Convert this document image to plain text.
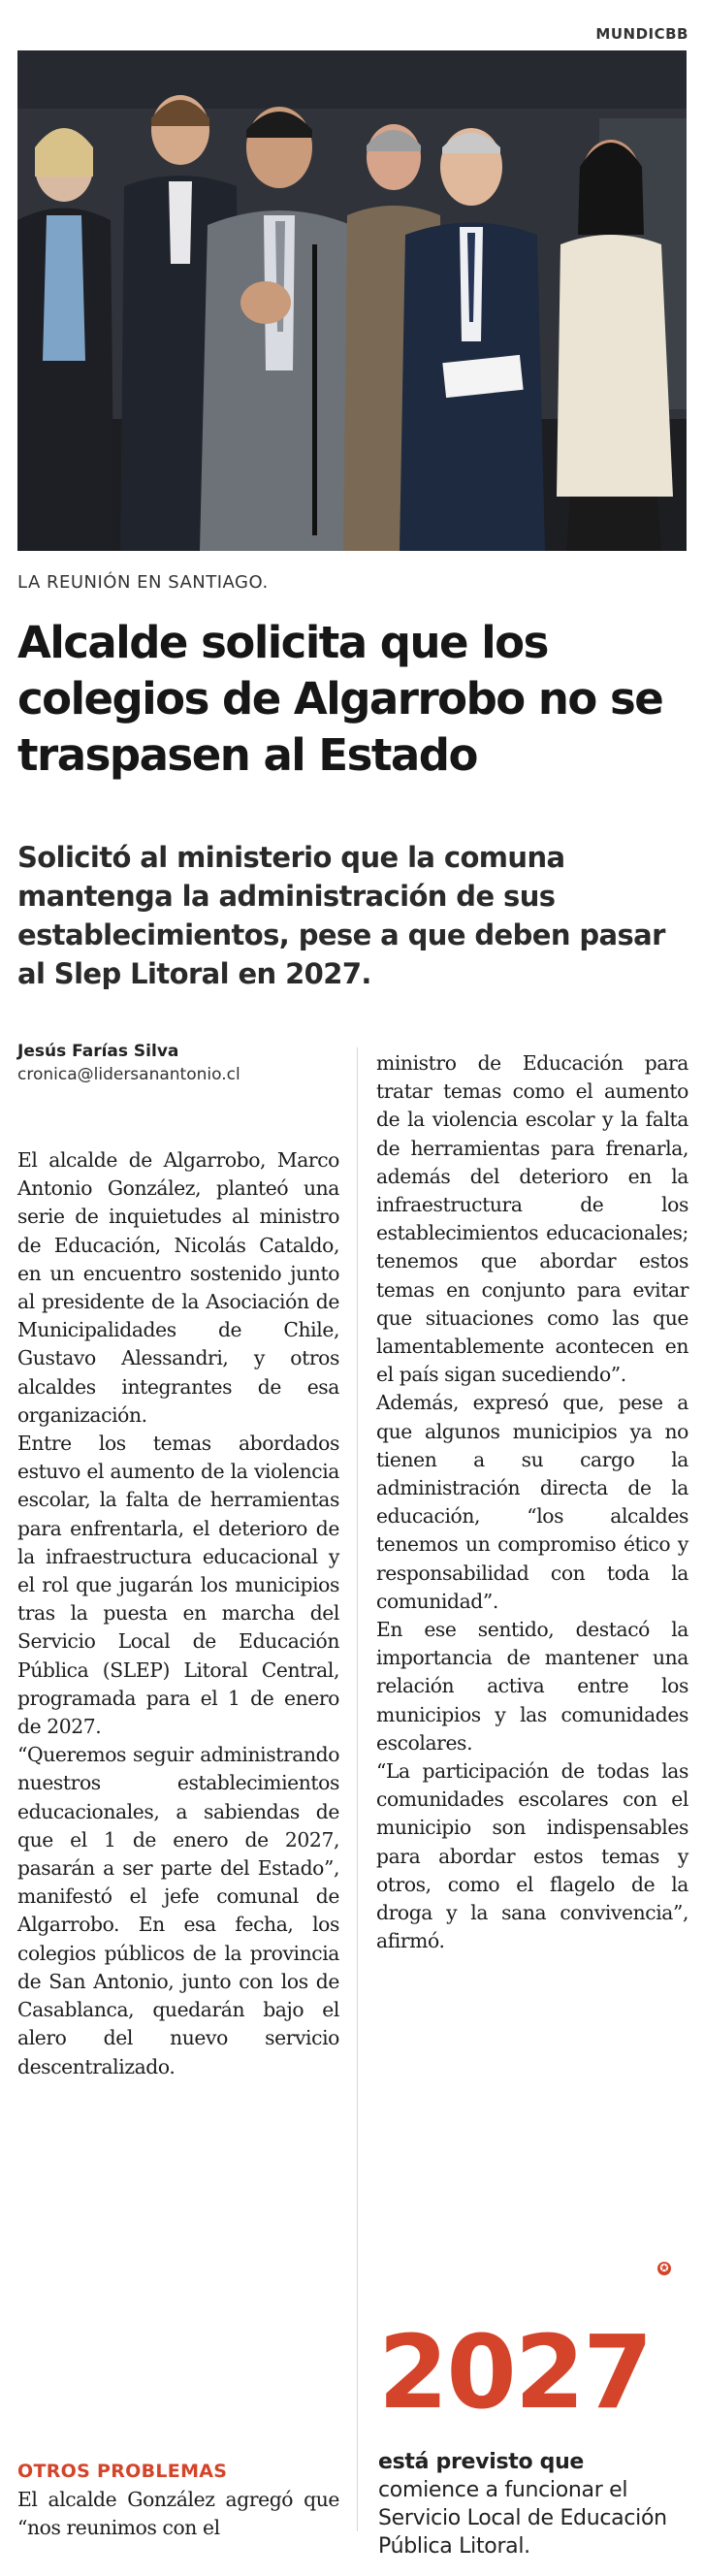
MUNDICBB
LA REUNIÓN EN SANTIAGO.
Alcalde solicita que los colegios de Algarrobo no se traspasen al Estado
Solicitó al ministerio que la comuna mantenga la administración de sus establecimientos, pese a que deben pasar al Slep Litoral en 2027.
Jesús Farías Silva
cronica@lidersanantonio.cl

El alcalde de Algarrobo, Marco Antonio González, planteó una serie de inquietudes al ministro de Educación, Nicolás Cataldo, en un encuentro sostenido junto al presidente de la Asociación de Municipalidades de Chile, Gustavo Alessandri, y otros alcaldes integrantes de esa organización.

Entre los temas abordados estuvo el aumento de la violencia escolar, la falta de herramientas para enfrentarla, el deterioro de la infraestructura educacional y el rol que jugarán los municipios tras la puesta en marcha del Servicio Local de Educación Pública (SLEP) Litoral Central, programada para el 1 de enero de 2027.

“Queremos seguir administrando nuestros establecimientos educacionales, a sabiendas de que el 1 de enero de 2027, pasarán a ser parte del Estado”, manifestó el jefe comunal de Algarrobo. En esa fecha, los colegios públicos de la provincia de San Antonio, junto con los de Casablanca, quedarán bajo el alero del nuevo servicio descentralizado.

OTROS PROBLEMAS

El alcalde González agregó que “nos reunimos con el

ministro de Educación para tratar temas como el aumento de la violencia escolar y la falta de herramientas para frenarla, además del deterioro en la infraestructura de los establecimientos educacionales; tenemos que abordar estos temas en conjunto para evitar que situaciones como las que lamentablemente acontecen en el país sigan sucediendo”.

Además, expresó que, pese a que algunos municipios ya no tienen a su cargo la administración directa de la educación, “los alcaldes tenemos un compromiso ético y responsabilidad con toda la comunidad”.

En ese sentido, destacó la importancia de mantener una relación activa entre los municipios y las comunidades escolares.

“La participación de todas las comunidades escolares con el municipio son indispensables para abordar estos temas y otros, como el flagelo de la droga y la sana convivencia”, afirmó.

✪
2027
está previsto que comience a funcionar el Servicio Local de Educación Pública Litoral.
